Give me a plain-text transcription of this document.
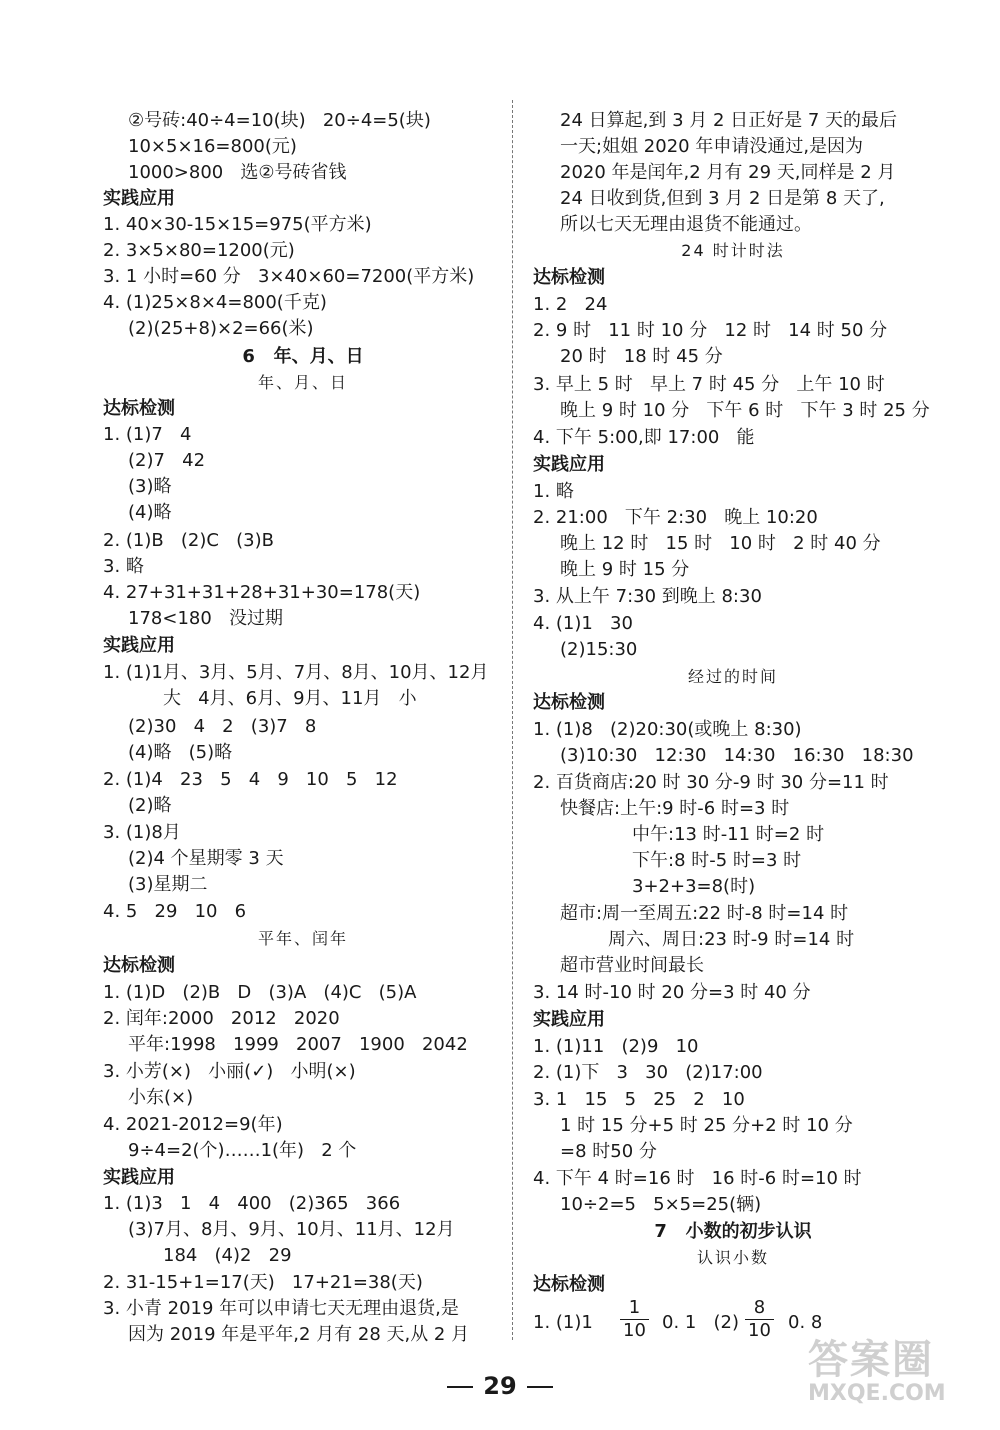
②号砖:40÷4=10(块)   20÷4=5(块)
10×5×16=800(元)
1000>800   选②号砖省钱
实践应用
1. 40×30-15×15=975(平方米)
2. 3×5×80=1200(元)
3. 1 小时=60 分   3×40×60=7200(平方米)
4. (1)25×8×4=800(千克)
(2)(25+8)×2=66(米)
6   年、月、日
年、月、日
达标检测
1. (1)7   4
(2)7   42
(3)略
(4)略
2. (1)B   (2)C   (3)B
3. 略
4. 27+31+31+28+31+30=178(天)
178<180   没过期
实践应用
1. (1)1月、3月、5月、7月、8月、10月、12月
大   4月、6月、9月、11月   小
(2)30   4   2   (3)7   8
(4)略   (5)略
2. (1)4   23   5   4   9   10   5   12
(2)略
3. (1)8月
(2)4 个星期零 3 天
(3)星期二
4. 5   29   10   6
平年、闰年
达标检测
1. (1)D   (2)B   D   (3)A   (4)C   (5)A
2. 闰年:2000   2012   2020
平年:1998   1999   2007   1900   2042
3. 小芳(×)   小丽(✓)   小明(×)
小东(×)
4. 2021-2012=9(年)
9÷4=2(个)……1(年)   2 个
实践应用
1. (1)3   1   4   400   (2)365   366
(3)7月、8月、9月、10月、11月、12月
184   (4)2   29
2. 31-15+1=17(天)   17+21=38(天)
3. 小青 2019 年可以申请七天无理由退货,是
因为 2019 年是平年,2 月有 28 天,从 2 月
24 日算起,到 3 月 2 日正好是 7 天的最后
一天;姐姐 2020 年申请没通过,是因为
2020 年是闰年,2 月有 29 天,同样是 2 月
24 日收到货,但到 3 月 2 日是第 8 天了,
所以七天无理由退货不能通过。
24 时计时法
达标检测
1. 2   24
2. 9 时   11 时 10 分   12 时   14 时 50 分
20 时   18 时 45 分
3. 早上 5 时   早上 7 时 45 分   上午 10 时
晚上 9 时 10 分   下午 6 时   下午 3 时 25 分
4. 下午 5:00,即 17:00   能
实践应用
1. 略
2. 21:00   下午 2:30   晚上 10:20
晚上 12 时   15 时   10 时   2 时 40 分
晚上 9 时 15 分
3. 从上午 7:30 到晚上 8:30
4. (1)1   30
(2)15:30
经过的时间
达标检测
1. (1)8   (2)20:30(或晚上 8:30)
(3)10:30   12:30   14:30   16:30   18:30
2. 百货商店:20 时 30 分-9 时 30 分=11 时
快餐店:上午:9 时-6 时=3 时
中午:13 时-11 时=2 时
下午:8 时-5 时=3 时
3+2+3=8(时)
超市:周一至周五:22 时-8 时=14 时
周六、周日:23 时-9 时=14 时
超市营业时间最长
3. 14 时-10 时 20 分=3 时 40 分
实践应用
1. (1)11   (2)9   10
2. (1)下   3   30   (2)17:00
3. 1   15   5   25   2   10
1 时 15 分+5 时 25 分+2 时 10 分
=8 时50 分
4. 下午 4 时=16 时   16 时-6 时=10 时
10÷2=5   5×5=25(辆)
7   小数的初步认识
认识小数
达标检测
1. (1)1	0. 1   (2)	0. 8
$\frac{1}{10}$	$\frac{8}{10}$
29
答案圈
MXQE.COM
